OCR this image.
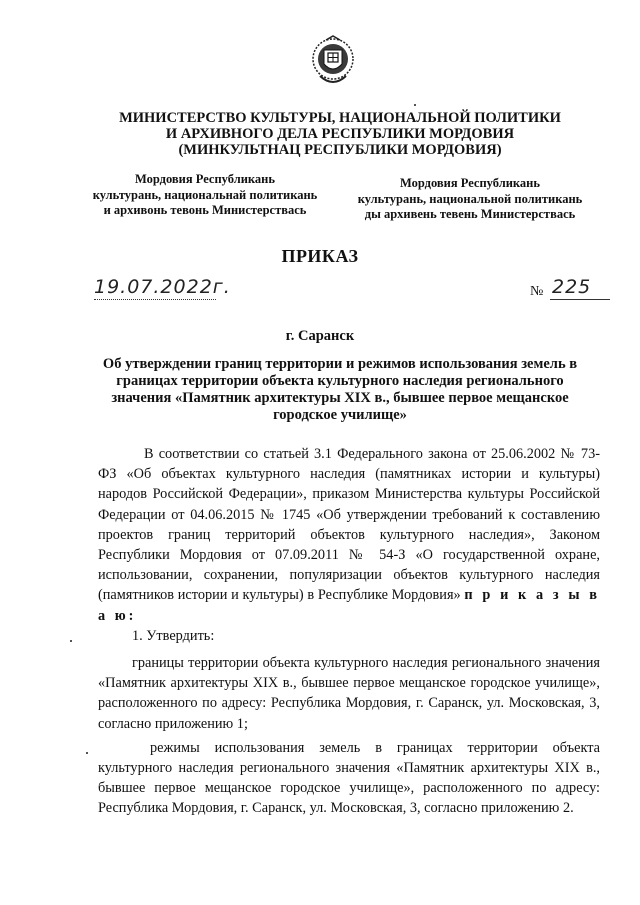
МИНИСТЕРСТВО КУЛЬТУРЫ, НАЦИОНАЛЬНОЙ ПОЛИТИКИ
И АРХИВНОГО ДЕЛА РЕСПУБЛИКИ МОРДОВИЯ
(МИНКУЛЬТНАЦ РЕСПУБЛИКИ МОРДОВИЯ)
Мордовия Республикань
культурань, национальнай политикань
и архивонь тевонь Министерствась
Мордовия Республикань
культурань, национальной политикань
ды архивень тевень Министерствась
ПРИКАЗ
19.07.2022г.	№ 225
г. Саранск
Об утверждении границ территории и режимов использования земель в
границах территории объекта культурного наследия регионального
значения «Памятник архитектуры XIX в., бывшее первое мещанское
городское училище»

В соответствии со статьей 3.1 Федерального закона от 25.06.2002 № 73-ФЗ «Об объектах культурного наследия (памятниках истории и культуры) народов Российской Федерации», приказом Министерства культуры Российской Федерации от 04.06.2015 № 1745 «Об утверждении требований к составлению проектов границ территорий объектов культурного наследия», Законом Республики Мордовия от 07.09.2011 № 54-З «О государственной охране, использовании, сохранении, популяризации объектов культурного наследия (памятников истории и культуры) в Республике Мордовия» п р и к а з ы в а ю:

1. Утвердить:

границы территории объекта культурного наследия регионального значения «Памятник архитектуры XIX в., бывшее первое мещанское городское училище», расположенного по адресу: Республика Мордовия, г. Саранск, ул. Московская, 3, согласно приложению 1;

режимы использования земель в границах территории объекта культурного наследия регионального значения «Памятник архитектуры XIX в., бывшее первое мещанское городское училище», расположенного по адресу: Республика Мордовия, г. Саранск, ул. Московская, 3, согласно приложению 2.
